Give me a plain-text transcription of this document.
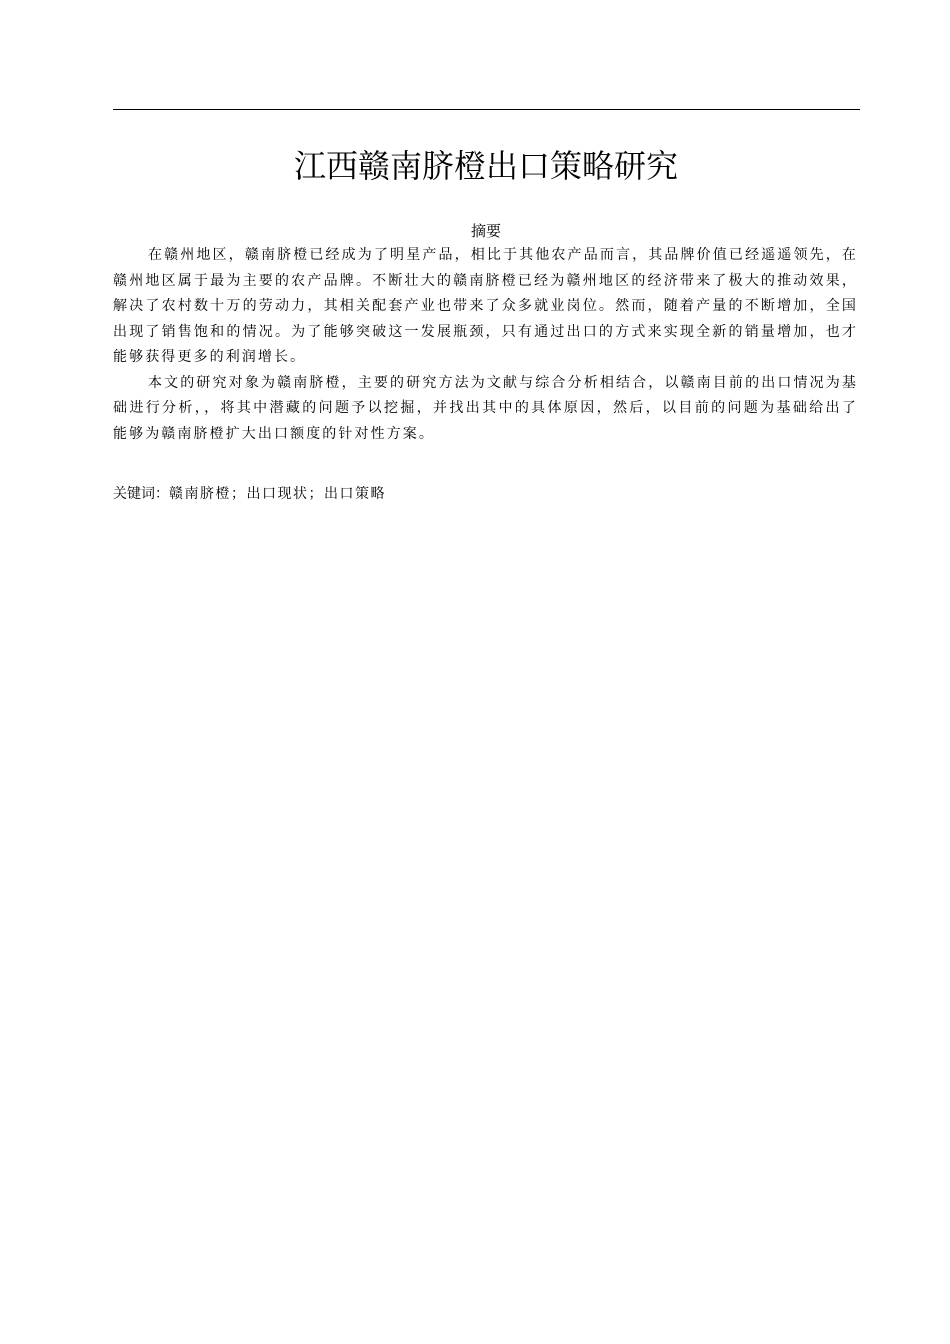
江西赣南脐橙出口策略研究
摘要

在赣州地区，赣南脐橙已经成为了明星产品，相比于其他农产品而言，其品牌价值已经遥遥领先，在赣州地区属于最为主要的农产品牌。不断壮大的赣南脐橙已经为赣州地区的经济带来了极大的推动效果，解决了农村数十万的劳动力，其相关配套产业也带来了众多就业岗位。然而，随着产量的不断增加，全国出现了销售饱和的情况。为了能够突破这一发展瓶颈，只有通过出口的方式来实现全新的销量增加，也才能够获得更多的利润增长。

本文的研究对象为赣南脐橙，主要的研究方法为文献与综合分析相结合，以赣南目前的出口情况为基础进行分析，，将其中潜藏的问题予以挖掘，并找出其中的具体原因，然后，以目前的问题为基础给出了能够为赣南脐橙扩大出口额度的针对性方案。

关键词：赣南脐橙；出口现状；出口策略
